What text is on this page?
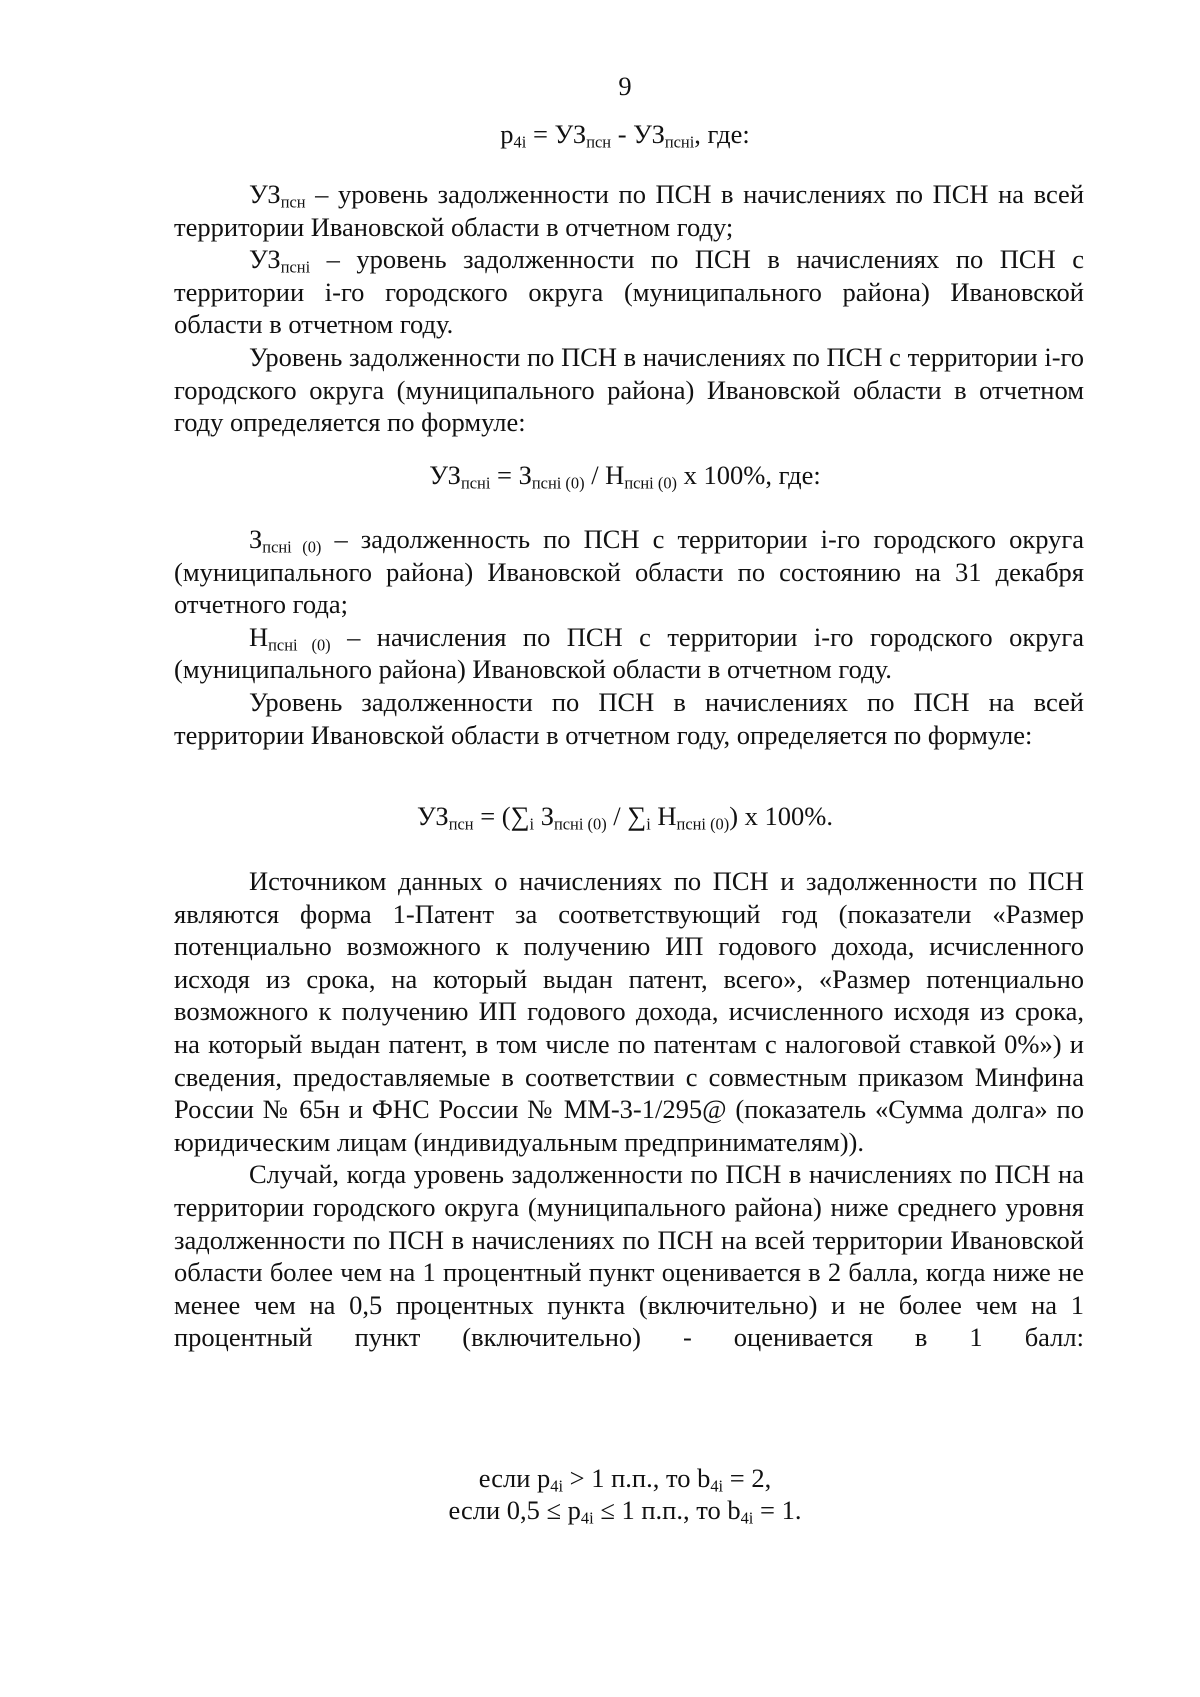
9
$p_{4i} = УЗ_{псн} - УЗ_{псні}$, где:

$УЗ_{псн}$ – уровень задолженности по ПСН в начислениях по ПСН на всей территории Ивановской области в отчетном году;

$УЗ_{псні}$ – уровень задолженности по ПСН в начислениях по ПСН с территории i-го городского округа (муниципального района) Ивановской области в отчетном году.

Уровень задолженности по ПСН в начислениях по ПСН с территории i-го городского округа (муниципального района) Ивановской области в отчетном году определяется по формуле:

$УЗ_{псні} = З_{псні (0)} / Н_{псні (0)}$ х 100%, где:

$З_{псні (0)}$ – задолженность по ПСН с территории i-го городского округа (муниципального района) Ивановской области по состоянию на 31 декабря отчетного года;

$Н_{псні (0)}$ – начисления по ПСН с территории i-го городского округа (муниципального района) Ивановской области в отчетном году.

Уровень задолженности по ПСН в начислениях по ПСН на всей территории Ивановской области в отчетном году, определяется по формуле:

$УЗ_{псн} = (\sum_i$ $З_{псні (0)} / \sum_i$ $Н_{псні (0)}$) х 100%.

Источником данных о начислениях по ПСН и задолженности по ПСН являются форма 1-Патент за соответствующий год (показатели «Размер потенциально возможного к получению ИП годового дохода, исчисленного исходя из срока, на который выдан патент, всего», «Размер потенциально возможного к получению ИП годового дохода, исчисленного исходя из срока, на который выдан патент, в том числе по патентам с налоговой ставкой 0%») и сведения, предоставляемые в соответствии с совместным приказом Минфина России № 65н и ФНС России № ММ-3-1/295@ (показатель «Сумма долга» по юридическим лицам (индивидуальным предпринимателям)).

Случай, когда уровень задолженности по ПСН в начислениях по ПСН на территории городского округа (муниципального района) ниже среднего уровня задолженности по ПСН в начислениях по ПСН на всей территории Ивановской области более чем на 1 процентный пункт оценивается в 2 балла, когда ниже не менее чем на 0,5 процентных пункта (включительно) и не более чем на 1 процентный пункт (включительно) - оценивается в 1 балл:

если $p_{4i} > 1$ п.п., то $b_{4i} = 2$,
если $0,5 \le p_{4i} \le 1$ п.п., то $b_{4i} = 1$.
